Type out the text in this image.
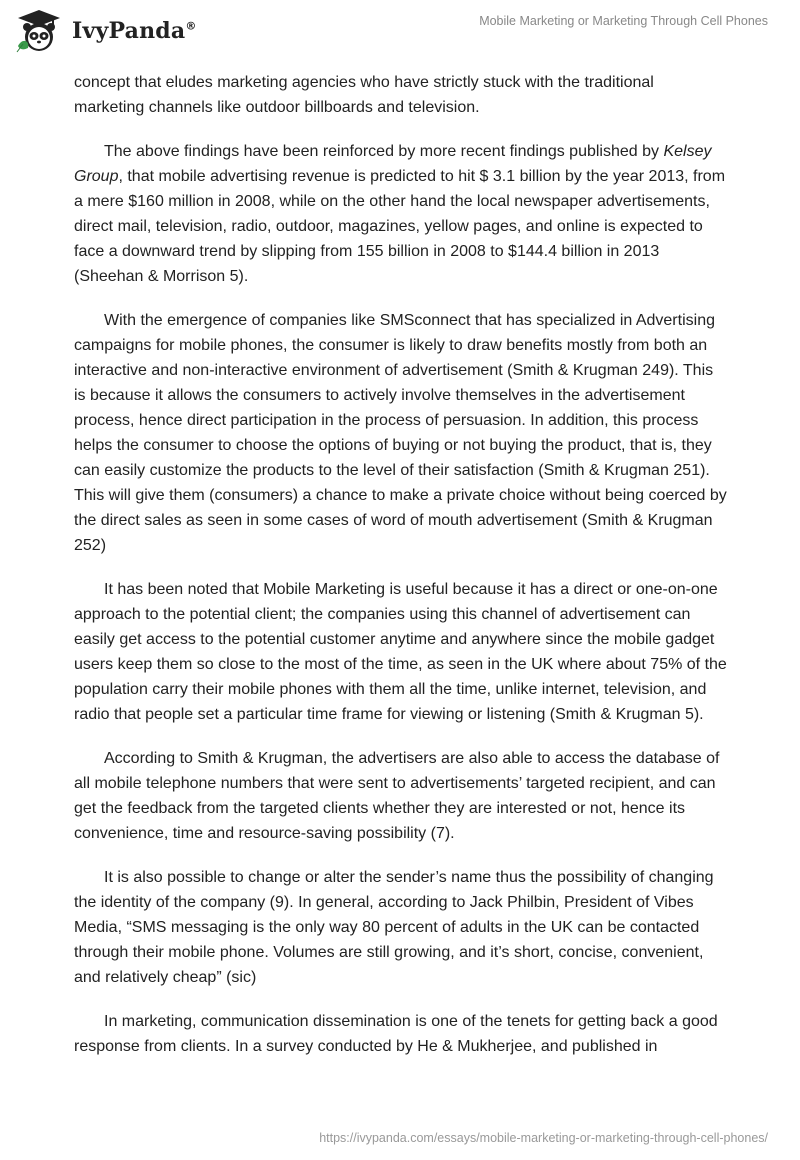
IvyPanda®	Mobile Marketing or Marketing Through Cell Phones

concept that eludes marketing agencies who have strictly stuck with the traditional marketing channels like outdoor billboards and television.

The above findings have been reinforced by more recent findings published by Kelsey Group, that mobile advertising revenue is predicted to hit $ 3.1 billion by the year 2013, from a mere $160 million in 2008, while on the other hand the local newspaper advertisements, direct mail, television, radio, outdoor, magazines, yellow pages, and online is expected to face a downward trend by slipping from 155 billion in 2008 to $144.4 billion in 2013 (Sheehan & Morrison 5).

With the emergence of companies like SMSconnect that has specialized in Advertising campaigns for mobile phones, the consumer is likely to draw benefits mostly from both an interactive and non-interactive environment of advertisement (Smith & Krugman 249). This is because it allows the consumers to actively involve themselves in the advertisement process, hence direct participation in the process of persuasion. In addition, this process helps the consumer to choose the options of buying or not buying the product, that is, they can easily customize the products to the level of their satisfaction (Smith & Krugman 251). This will give them (consumers) a chance to make a private choice without being coerced by the direct sales as seen in some cases of word of mouth advertisement (Smith & Krugman 252)

It has been noted that Mobile Marketing is useful because it has a direct or one-on-one approach to the potential client; the companies using this channel of advertisement can easily get access to the potential customer anytime and anywhere since the mobile gadget users keep them so close to the most of the time, as seen in the UK where about 75% of the population carry their mobile phones with them all the time, unlike internet, television, and radio that people set a particular time frame for viewing or listening (Smith & Krugman 5).

According to Smith & Krugman, the advertisers are also able to access the database of all mobile telephone numbers that were sent to advertisements’ targeted recipient, and can get the feedback from the targeted clients whether they are interested or not, hence its convenience, time and resource-saving possibility (7).

It is also possible to change or alter the sender’s name thus the possibility of changing the identity of the company (9). In general, according to Jack Philbin, President of Vibes Media, “SMS messaging is the only way 80 percent of adults in the UK can be contacted through their mobile phone. Volumes are still growing, and it’s short, concise, convenient, and relatively cheap” (sic)

In marketing, communication dissemination is one of the tenets for getting back a good response from clients. In a survey conducted by He & Mukherjee, and published in

https://ivypanda.com/essays/mobile-marketing-or-marketing-through-cell-phones/
